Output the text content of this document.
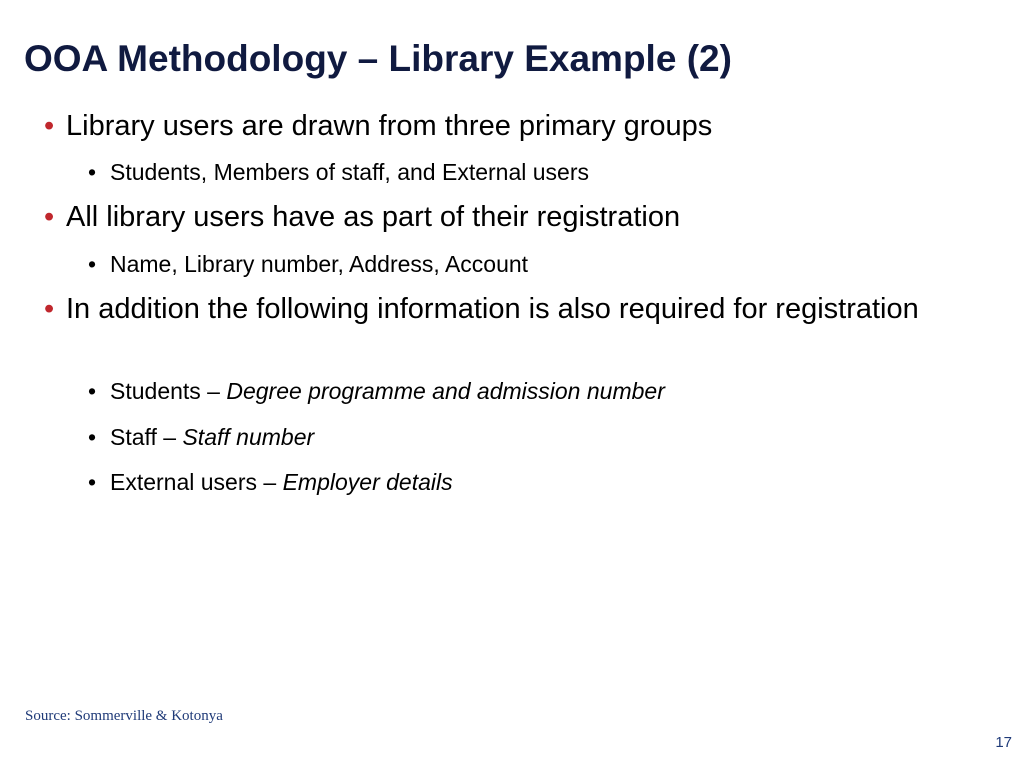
OOA Methodology – Library Example (2)
• Library users are drawn from three primary groups
• Students, Members of staff, and External users
• All library users have as part of their registration
• Name, Library number, Address, Account
• In addition the following information is also required for registration
• Students – Degree programme and admission number
• Staff – Staff number
• External users – Employer details
Source: Sommerville & Kotonya
17
